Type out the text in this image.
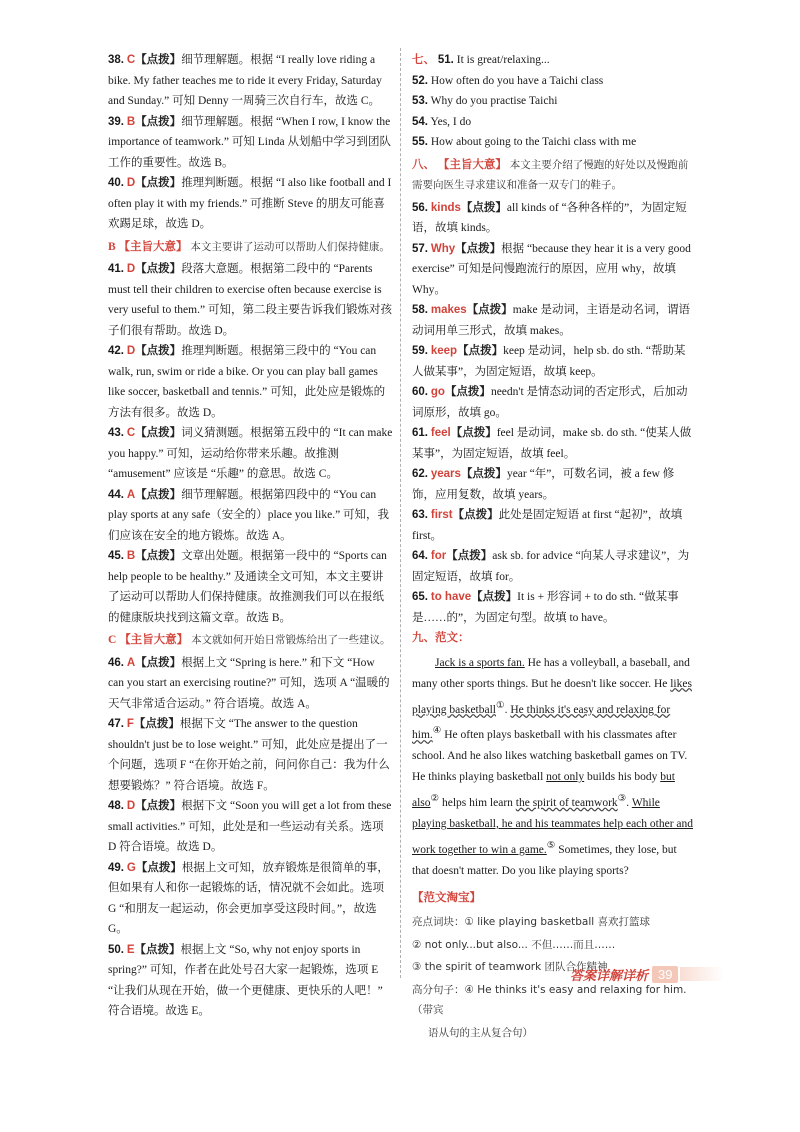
38. C【点拨】细节理解题。根据 “I really love riding a bike. My father teaches me to ride it every Friday, Saturday and Sunday.” 可知 Denny 一周骑三次自行车，故选 C。
39. B【点拨】细节理解题。根据 “When I row, I know the importance of teamwork.” 可知 Linda 从划船中学习到团队工作的重要性。故选 B。
40. D【点拨】推理判断题。根据 “I also like football and I often play it with my friends.” 可推断 Steve 的朋友可能喜欢踢足球，故选 D。
B 【主旨大意】 本文主要讲了运动可以帮助人们保持健康。
41. D【点拨】段落大意题。根据第二段中的 “Parents must tell their children to exercise often because exercise is very useful to them.” 可知，第二段主要告诉我们锻炼对孩子们很有帮助。故选 D。
42. D【点拨】推理判断题。根据第三段中的 “You can walk, run, swim or ride a bike. Or you can play ball games like soccer, basketball and tennis.” 可知，此处应是锻炼的方法有很多。故选 D。
43. C【点拨】词义猜测题。根据第五段中的 “It can make you happy.” 可知，运动给你带来乐趣。故推测 “amusement” 应该是 “乐趣” 的意思。故选 C。
44. A【点拨】细节理解题。根据第四段中的 “You can play sports at any safe（安全的）place you like.” 可知，我们应该在安全的地方锻炼。故选 A。
45. B【点拨】文章出处题。根据第一段中的 “Sports can help people to be healthy.” 及通读全文可知，本文主要讲了运动可以帮助人们保持健康。故推测我们可以在报纸的健康版块找到这篇文章。故选 B。
C 【主旨大意】 本文就如何开始日常锻炼给出了一些建议。
46. A【点拨】根据上文 “Spring is here.” 和下文 “How can you start an exercising routine?” 可知，选项 A “温暖的天气非常适合运动。” 符合语境。故选 A。
47. F【点拨】根据下文 “The answer to the question shouldn't just be to lose weight.” 可知，此处应是提出了一个问题，选项 F “在你开始之前，问问你自己：我为什么想要锻炼？” 符合语境。故选 F。
48. D【点拨】根据下文 “Soon you will get a lot from these small activities.” 可知，此处是和一些运动有关系。选项 D 符合语境。故选 D。
49. G【点拨】根据上文可知，放弃锻炼是很简单的事，但如果有人和你一起锻炼的话，情况就不会如此。选项 G “和朋友一起运动，你会更加享受这段时间。”，故选 G。
50. E【点拨】根据上文 “So, why not enjoy sports in spring?” 可知，作者在此处号召大家一起锻炼，选项 E “让我们从现在开始，做一个更健康、更快乐的人吧！” 符合语境。故选 E。
七、 51. It is great/relaxing...
52. How often do you have a Taichi class
53. Why do you practise Taichi
54. Yes, I do
55. How about going to the Taichi class with me
八、 【主旨大意】 本文主要介绍了慢跑的好处以及慢跑前需要向医生寻求建议和准备一双专门的鞋子。
56. kinds【点拨】all kinds of “各种各样的”，为固定短语，故填 kinds。
57. Why【点拨】根据 “because they hear it is a very good exercise” 可知是问慢跑流行的原因，应用 why，故填 Why。
58. makes【点拨】make 是动词，主语是动名词，谓语动词用单三形式，故填 makes。
59. keep【点拨】keep 是动词，help sb. do sth. “帮助某人做某事”，为固定短语，故填 keep。
60. go【点拨】needn't 是情态动词的否定形式，后加动词原形，故填 go。
61. feel【点拨】feel 是动词，make sb. do sth. “使某人做某事”，为固定短语，故填 feel。
62. years【点拨】year “年”，可数名词，被 a few 修饰，应用复数，故填 years。
63. first【点拨】此处是固定短语 at first “起初”，故填 first。
64. for【点拨】ask sb. for advice “向某人寻求建议”，为固定短语，故填 for。
65. to have【点拨】It is + 形容词 + to do sth. “做某事是……的”，为固定句型。故填 to have。
九、范文：

Jack is a sports fan. He has a volleyball, a baseball, and many other sports things. But he doesn't like soccer. He likes playing basketball①. He thinks it's easy and relaxing for him.④ He often plays basketball with his classmates after school. And he also likes watching basketball games on TV. He thinks playing basketball not only builds his body but also② helps him learn the spirit of teamwork③. While playing basketball, he and his teammates help each other and work together to win a game.⑤ Sometimes, they lose, but that doesn't matter. Do you like playing sports?

【范文淘宝】
亮点词块：① like playing basketball 喜欢打篮球
② not only...but also... 不但……而且……
③ the spirit of teamwork 团队合作精神
高分句子：④ He thinks it's easy and relaxing for him.（带宾
语从句的主从复合句）
答案详解详析 39
